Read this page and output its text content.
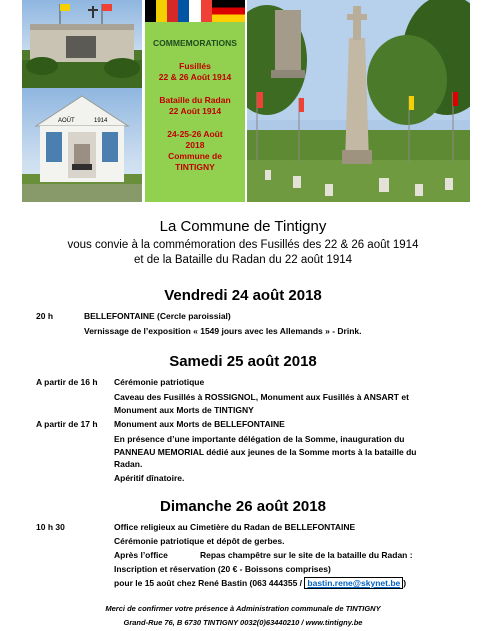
AOÛT	1914
COMMEMORATIONS
Fusillés
22 & 26 Août 1914
Bataille du Radan
22 Août 1914
24-25-26 Août
2018
Commune de
TINTIGNY
La Commune de Tintigny
vous convie à la commémoration des Fusillés des 22 & 26 août 1914
et de la Bataille du Radan du 22 août 1914
Vendredi 24 août 2018
20 h	BELLEFONTAINE (Cercle paroissial)
Vernissage de l’exposition « 1549 jours avec les Allemands » - Drink.
Samedi 25 août 2018
A partir de 16 h Cérémonie patriotique
Caveau des Fusillés à ROSSIGNOL, Monument aux Fusillés à ANSART et
Monument aux Morts de TINTIGNY
A partir de 17 h Monument aux Morts de BELLEFONTAINE
En présence d’une importante délégation de la Somme, inauguration du
PANNEAU MEMORIAL dédié aux jeunes de la Somme morts à la bataille du
Radan.
Apéritif dînatoire.
Dimanche 26 août 2018
10 h 30	Office religieux au Cimetière du Radan de BELLEFONTAINE
Cérémonie patriotique et dépôt de gerbes.
Après l’office	Repas champêtre sur le site de la bataille du Radan :
Inscription et réservation (20 € - Boissons comprises)
pour le 15 août chez René Bastin (063 444355 / bastin.rene@skynet.be )
Merci de confirmer votre présence à Administration communale de TINTIGNY
Grand-Rue 76, B 6730 TINTIGNY 0032(0)63440210 / www.tintigny.be
